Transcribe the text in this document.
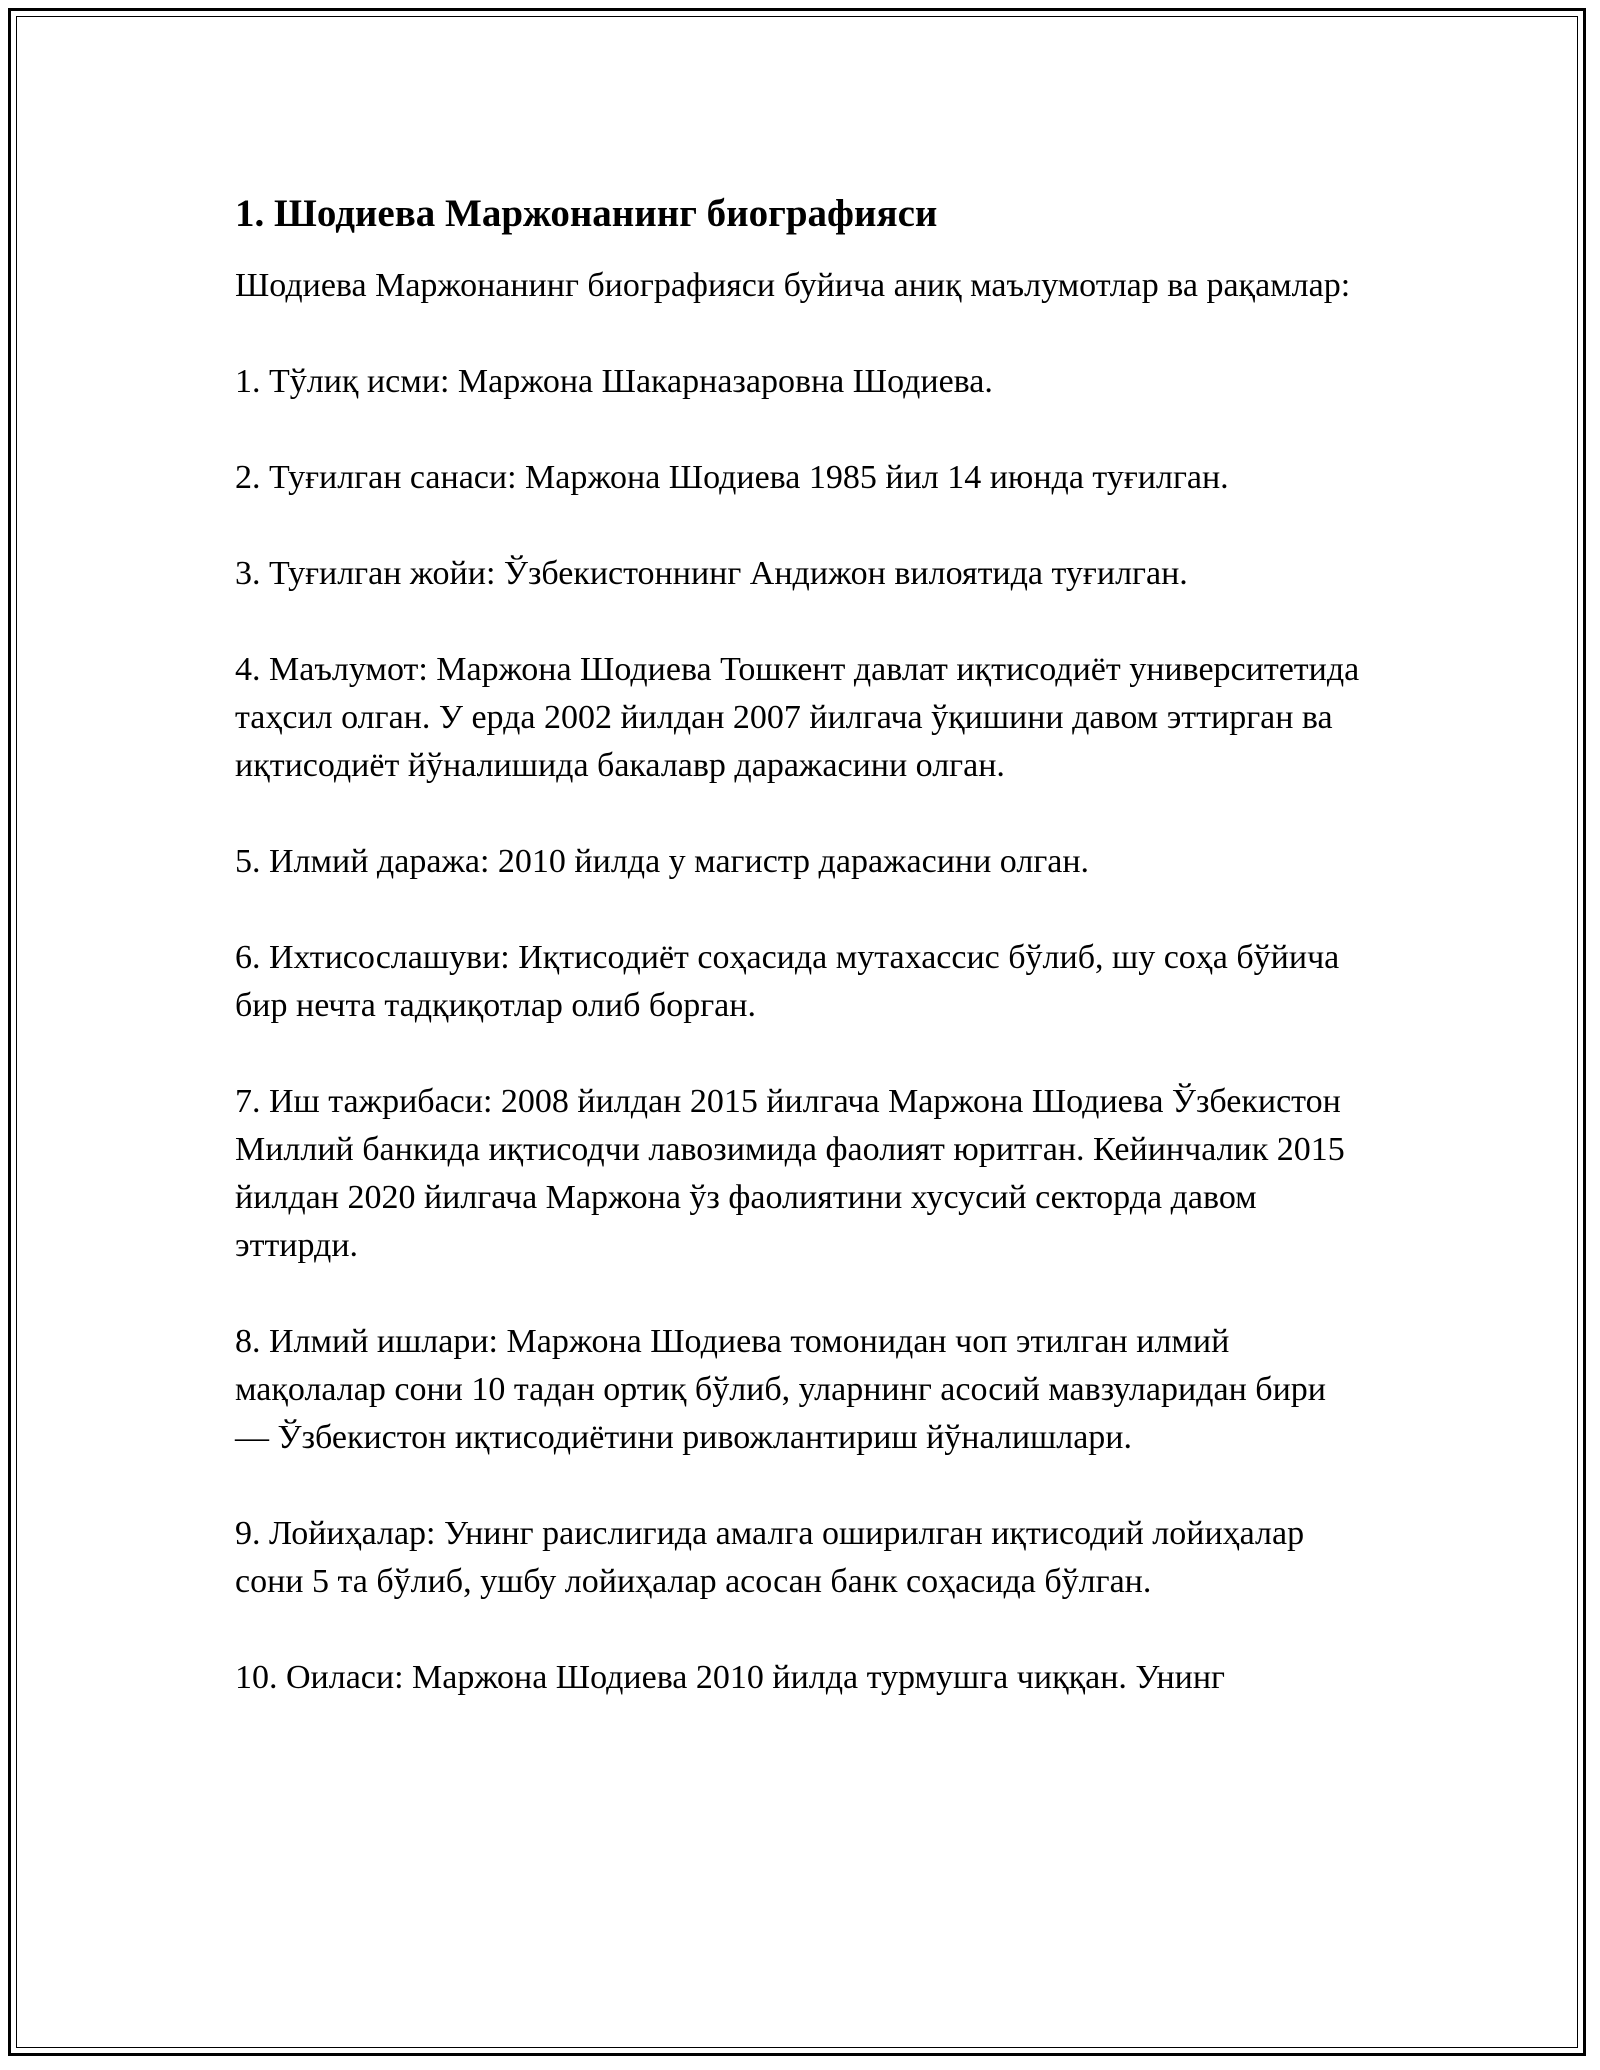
1. Шодиева Маржонанинг биографияси

Шодиева Маржонанинг биографияси буйича аниқ маълумотлар ва рақамлар:

1. Тўлиқ исми: Маржона Шакарназаровна Шодиева.

2. Туғилган санаси: Маржона Шодиева 1985 йил 14 июнда туғилган.

3. Туғилган жойи: Ўзбекистоннинг Андижон вилоятида туғилган.

4. Маълумот: Маржона Шодиева Тошкент давлат иқтисодиёт университетида таҳсил олган. У ерда 2002 йилдан 2007 йилгача ўқишини давом эттирган ва иқтисодиёт йўналишида бакалавр даражасини олган.

5. Илмий даража: 2010 йилда у магистр даражасини олган.

6. Ихтисослашуви: Иқтисодиёт соҳасида мутахассис бўлиб, шу соҳа бўйича бир нечта тадқиқотлар олиб борган.

7. Иш тажрибаси: 2008 йилдан 2015 йилгача Маржона Шодиева Ўзбекистон Миллий банкида иқтисодчи лавозимида фаолият юритган. Кейинчалик 2015 йилдан 2020 йилгача Маржона ўз фаолиятини хусусий секторда давом эттирди.

8. Илмий ишлари: Маржона Шодиева томонидан чоп этилган илмий мақолалар сони 10 тадан ортиқ бўлиб, уларнинг асосий мавзуларидан бири — Ўзбекистон иқтисодиётини ривожлантириш йўналишлари.

9. Лойиҳалар: Унинг раислигида амалга оширилган иқтисодий лойиҳалар сони 5 та бўлиб, ушбу лойиҳалар асосан банк соҳасида бўлган.

10. Оиласи: Маржона Шодиева 2010 йилда турмушга чиққан. Унинг
